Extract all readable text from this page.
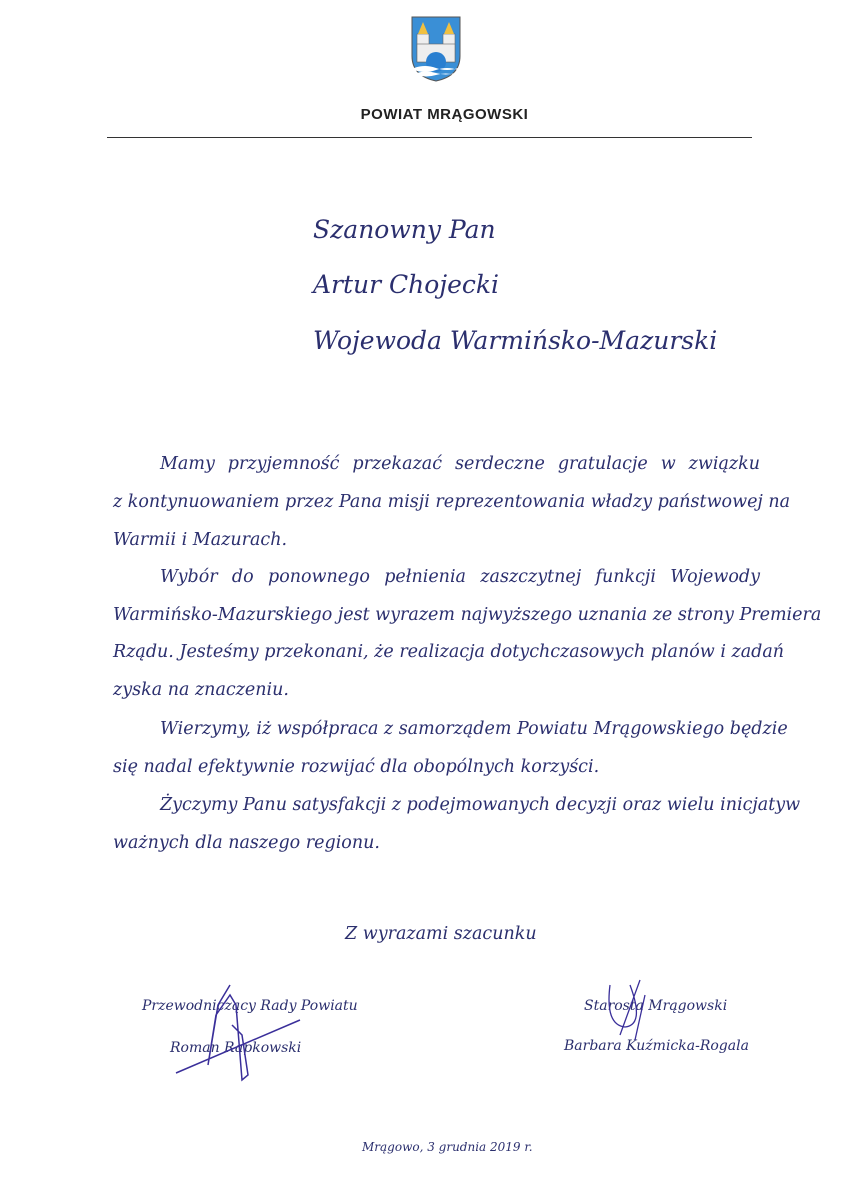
POWIAT MRĄGOWSKI
Szanowny Pan
Artur Chojecki
Wojewoda Warmińsko-Mazurski
Mamy przyjemność przekazać serdeczne gratulacje w związku
z kontynuowaniem przez Pana misji reprezentowania władzy państwowej na
Warmii i Mazurach.
Wybór do ponownego pełnienia zaszczytnej funkcji Wojewody
Warmińsko-Mazurskiego jest wyrazem najwyższego uznania ze strony Premiera
Rządu. Jesteśmy przekonani, że realizacja dotychczasowych planów i zadań
zyska na znaczeniu.
Wierzymy, iż współpraca z samorządem Powiatu Mrągowskiego będzie
się nadal efektywnie rozwijać dla obopólnych korzyści.
Życzymy Panu satysfakcji z podejmowanych decyzji oraz wielu inicjatyw
ważnych dla naszego regionu.
Z wyrazami szacunku
Przewodniczący Rady Powiatu
Roman Rapkowski
Starosta Mrągowski
Barbara Kuźmicka-Rogala
Mrągowo, 3 grudnia 2019 r.
